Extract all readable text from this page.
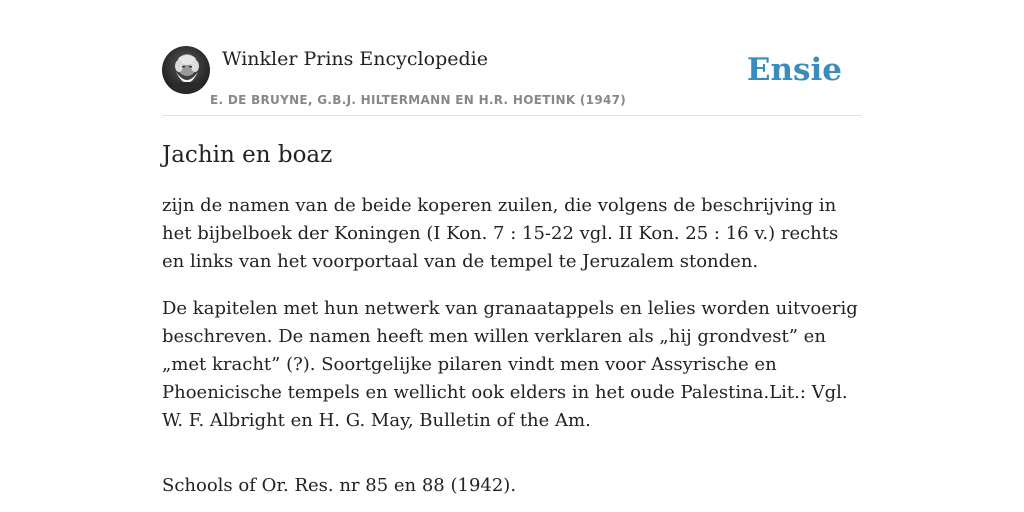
Winkler Prins Encyclopedie
E. DE BRUYNE, G.B.J. HILTERMANN EN H.R. HOETINK (1947)
Ensie
Jachin en boaz

zijn de namen van de beide koperen zuilen, die volgens de beschrijving in het bijbelboek der Koningen (I Kon. 7 : 15-22 vgl. II Kon. 25 : 16 v.) rechts en links van het voorportaal van de tempel te Jeruzalem stonden.

De kapitelen met hun netwerk van granaatappels en lelies worden uitvoerig beschreven. De namen heeft men willen verklaren als „hij grondvest” en „met kracht” (?). Soortgelijke pilaren vindt men voor Assyrische en Phoenicische tempels en wellicht ook elders in het oude Palestina.Lit.: Vgl. W. F. Albright en H. G. May, Bulletin of the Am.

Schools of Or. Res. nr 85 en 88 (1942).
